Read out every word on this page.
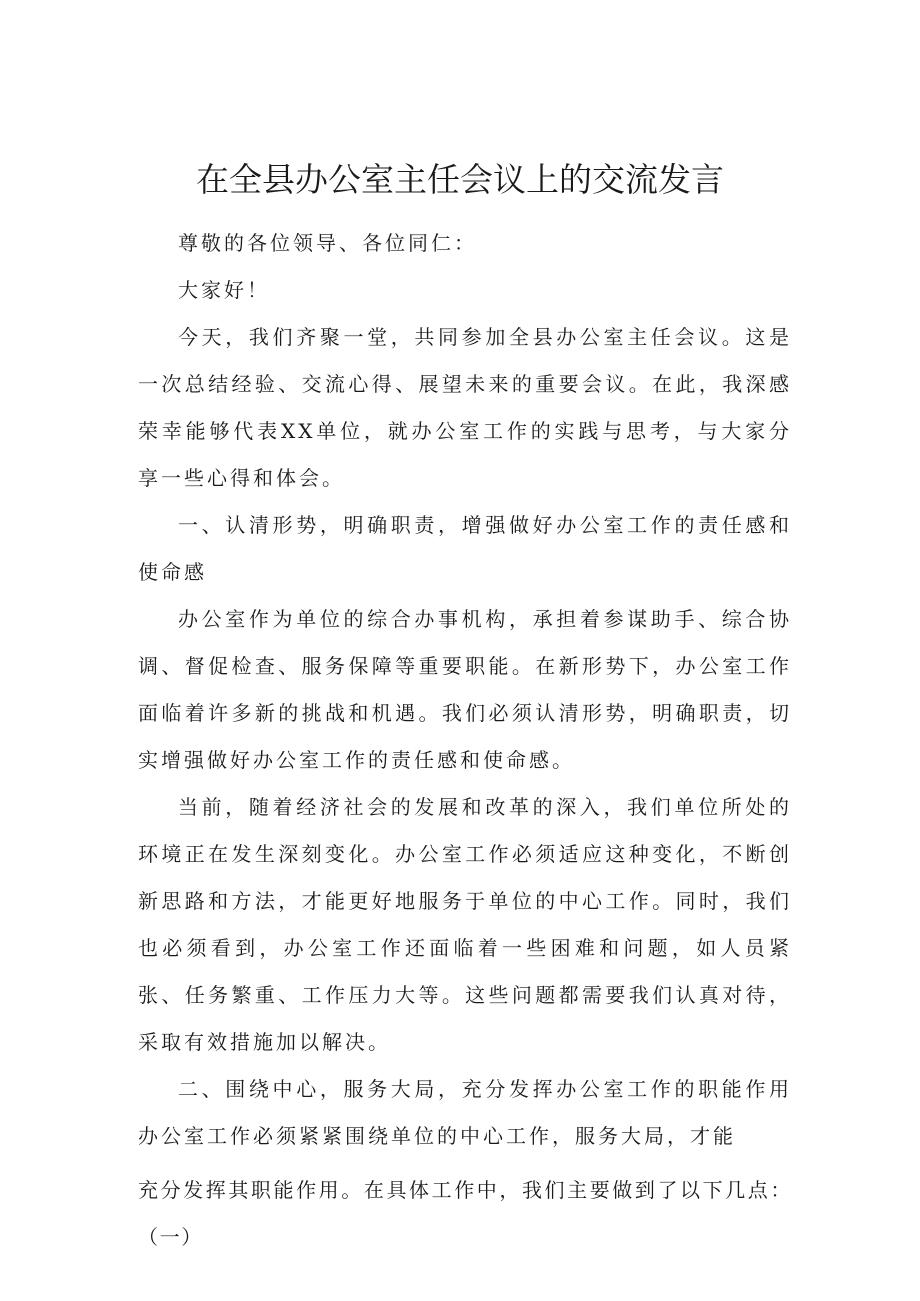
在全县办公室主任会议上的交流发言

尊敬的各位领导、各位同仁：

大家好！

今天，我们齐聚一堂，共同参加全县办公室主任会议。这是一次总结经验、交流心得、展望未来的重要会议。在此，我深感荣幸能够代表XX单位，就办公室工作的实践与思考，与大家分享一些心得和体会。

一、认清形势，明确职责，增强做好办公室工作的责任感和使命感

办公室作为单位的综合办事机构，承担着参谋助手、综合协调、督促检查、服务保障等重要职能。在新形势下，办公室工作面临着许多新的挑战和机遇。我们必须认清形势，明确职责，切实增强做好办公室工作的责任感和使命感。

当前，随着经济社会的发展和改革的深入，我们单位所处的环境正在发生深刻变化。办公室工作必须适应这种变化，不断创新思路和方法，才能更好地服务于单位的中心工作。同时，我们也必须看到，办公室工作还面临着一些困难和问题，如人员紧张、任务繁重、工作压力大等。这些问题都需要我们认真对待，采取有效措施加以解决。

二、围绕中心，服务大局，充分发挥办公室工作的职能作用办公室工作必须紧紧围绕单位的中心工作，服务大局，才能

充分发挥其职能作用。在具体工作中，我们主要做到了以下几点：（一）
